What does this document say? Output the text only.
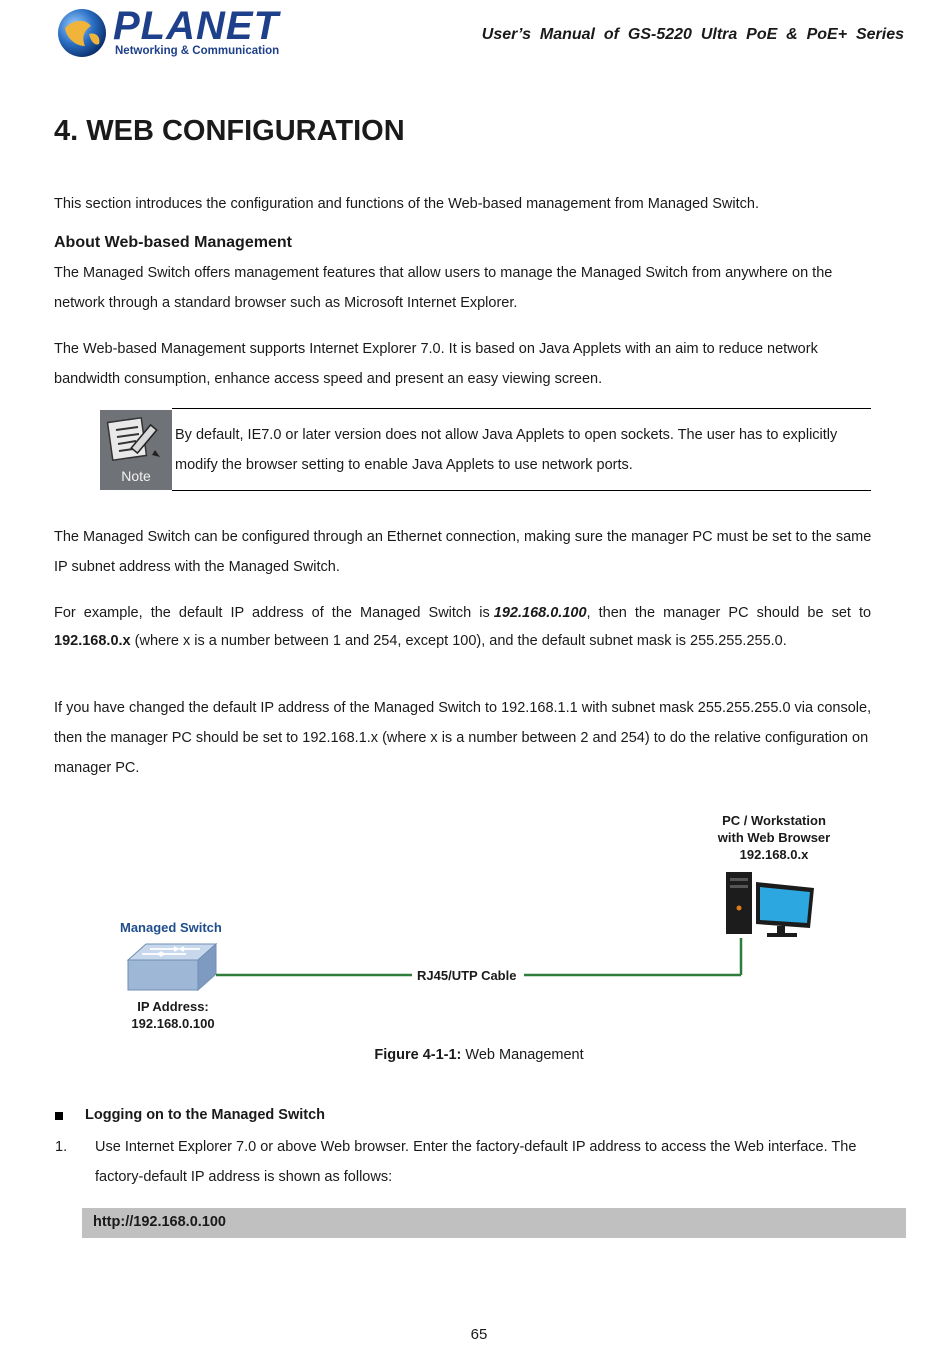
PLANET
Networking & Communication
User’s  Manual  of  GS-5220  Ultra  PoE  &  PoE+  Series
4. WEB CONFIGURATION
This section introduces the configuration and functions of the Web-based management from Managed Switch.
About Web-based Management
The Managed Switch offers management features that allow users to manage the Managed Switch from anywhere on the
network through a standard browser such as Microsoft Internet Explorer.
The Web-based Management supports Internet Explorer 7.0. It is based on Java Applets with an aim to reduce network
bandwidth consumption, enhance access speed and present an easy viewing screen.
Note
By default, IE7.0 or later version does not allow Java Applets to open sockets. The user has to explicitly
modify the browser setting to enable Java Applets to use network ports.
The Managed Switch can be configured through an Ethernet connection, making sure the manager PC must be set to the same
IP subnet address with the Managed Switch.
For  example,  the  default  IP  address  of  the  Managed  Switch  is 192.168.0.100,  then  the  manager  PC  should  be  set  to
192.168.0.x (where x is a number between 1 and 254, except 100), and the default subnet mask is 255.255.255.0.
If you have changed the default IP address of the Managed Switch to 192.168.1.1 with subnet mask 255.255.255.0 via console,
then the manager PC should be set to 192.168.1.x (where x is a number between 2 and 254) to do the relative configuration on
manager PC.
PC / Workstation
with Web Browser
192.168.0.x
Managed Switch
RJ45/UTP Cable
IP Address:
192.168.0.100
Figure 4-1-1: Web Management
Logging on to the Managed Switch
1. Use Internet Explorer 7.0 or above Web browser. Enter the factory-default IP address to access the Web interface. The
factory-default IP address is shown as follows:
http://192.168.0.100
65
